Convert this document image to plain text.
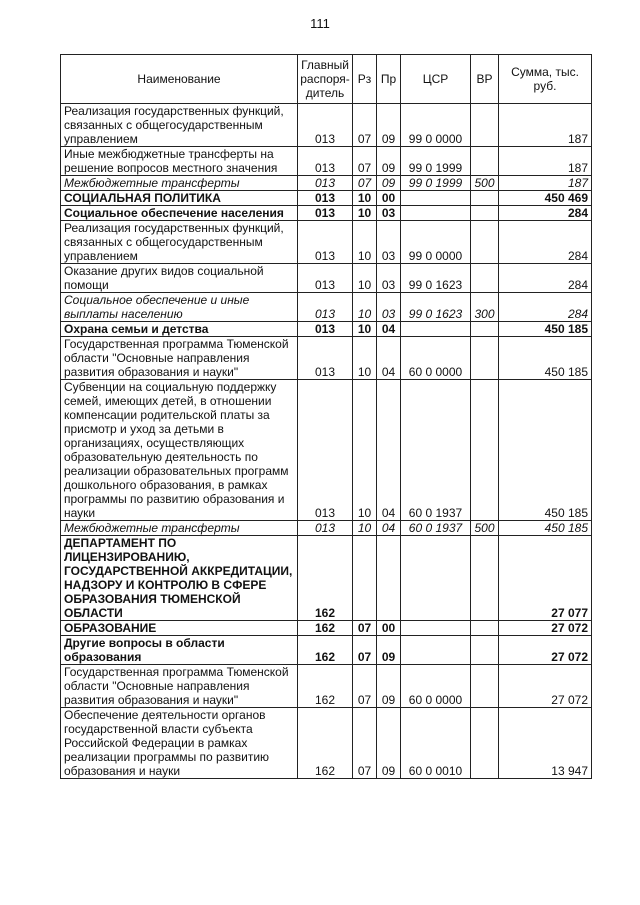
111
Наименование	Главный распоря-дитель	Рз	Пр	ЦСР	ВР	Сумма, тыс. руб.
Реализация государственных функций, связанных с общегосударственным управлением	013	07	09	99 0 0000		187
Иные межбюджетные трансферты на решение вопросов местного значения	013	07	09	99 0 1999		187
Межбюджетные трансферты	013	07	09	99 0 1999	500	187
СОЦИАЛЬНАЯ ПОЛИТИКА	013	10	00			450 469
Социальное обеспечение населения	013	10	03			284
Реализация государственных функций, связанных с общегосударственным управлением	013	10	03	99 0 0000		284
Оказание других видов социальной помощи	013	10	03	99 0 1623		284
Социальное обеспечение и иные выплаты населению	013	10	03	99 0 1623	300	284
Охрана семьи и детства	013	10	04			450 185
Государственная программа Тюменской области "Основные направления развития образования и науки"	013	10	04	60 0 0000		450 185
Субвенции на социальную поддержку семей, имеющих детей, в отношении компенсации родительской платы за присмотр и уход за детьми в организациях, осуществляющих образовательную деятельность по реализации образовательных программ дошкольного образования, в рамках программы по развитию образования и науки	013	10	04	60 0 1937		450 185
Межбюджетные трансферты	013	10	04	60 0 1937	500	450 185
ДЕПАРТАМЕНТ ПО ЛИЦЕНЗИРОВАНИЮ, ГОСУДАРСТВЕННОЙ АККРЕДИТАЦИИ, НАДЗОРУ И КОНТРОЛЮ В СФЕРЕ ОБРАЗОВАНИЯ ТЮМЕНСКОЙ ОБЛАСТИ	162					27 077
ОБРАЗОВАНИЕ	162	07	00			27 072
Другие вопросы в области образования	162	07	09			27 072
Государственная программа Тюменской области "Основные направления развития образования и науки"	162	07	09	60 0 0000		27 072
Обеспечение деятельности органов государственной власти субъекта Российской Федерации в рамках реализации программы по развитию образования и науки	162	07	09	60 0 0010		13 947
